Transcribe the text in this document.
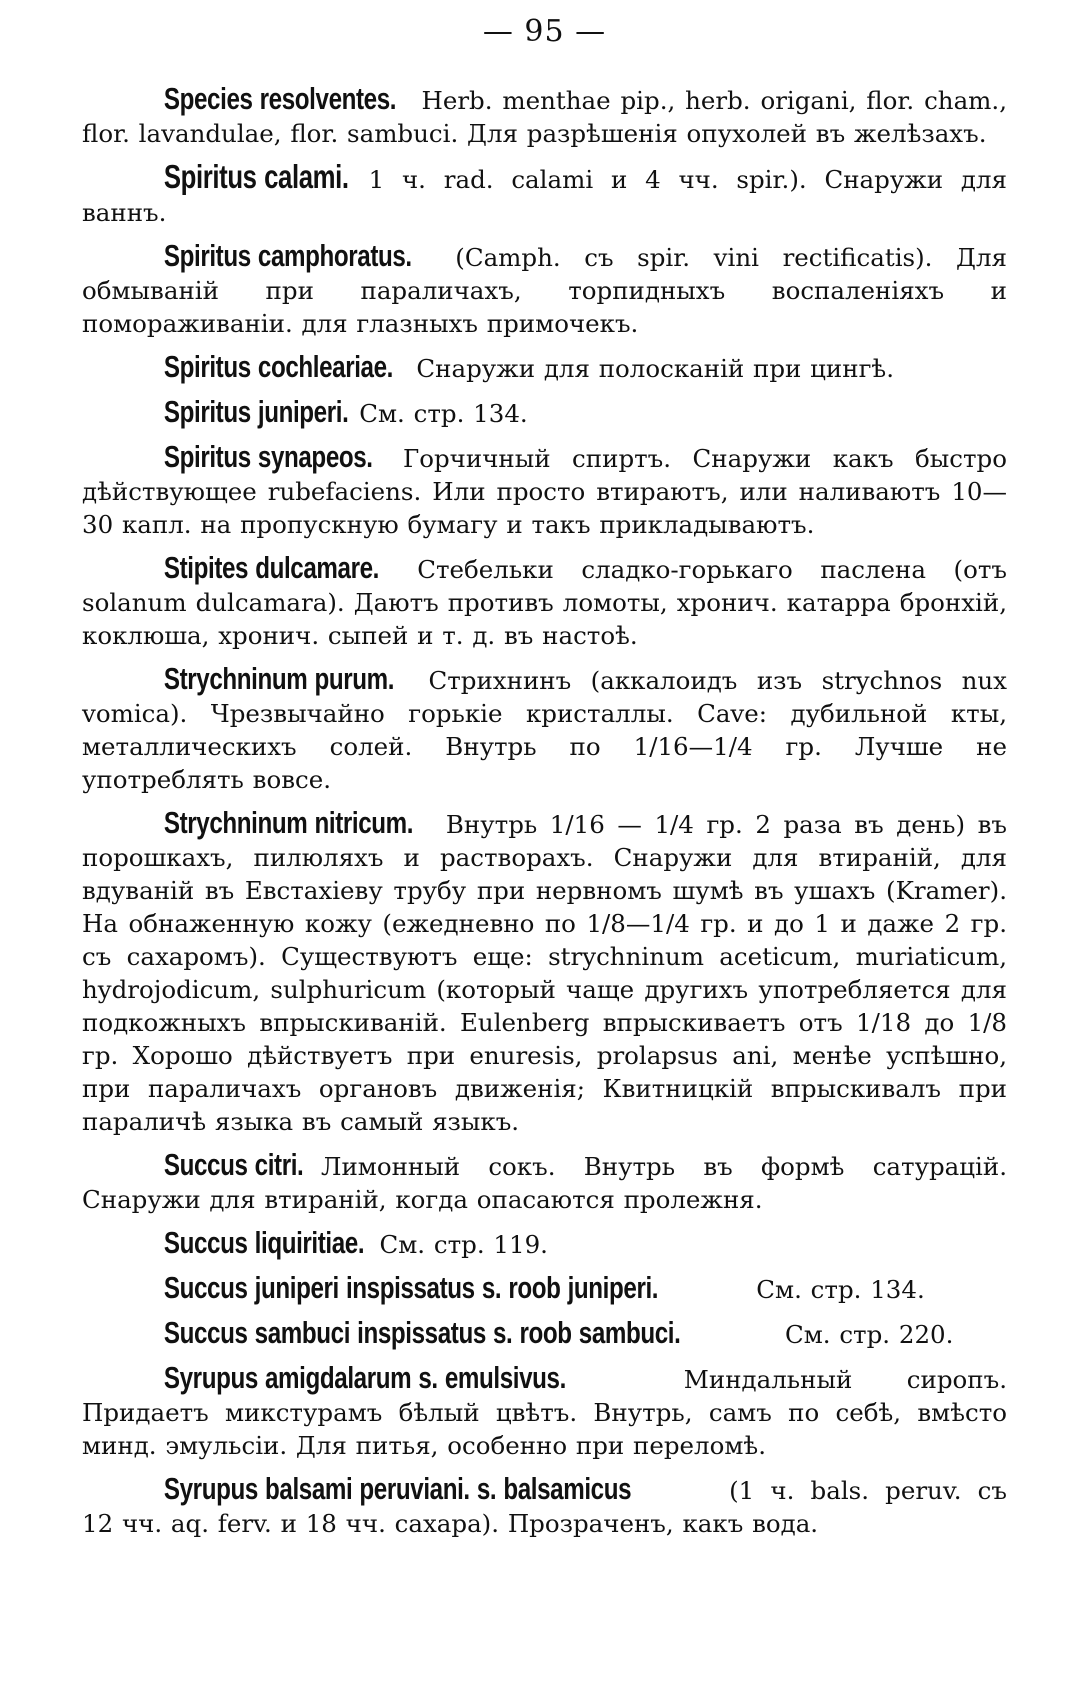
— 95 —

Species resolventes. Herb. menthae pip., herb. origani, flor. cham., flor. lavandulae, flor. sambuci. Для разрѣшенія опухолей въ желѣзахъ.

Spiritus calami. 1 ч. rad. calami и 4 чч. spir.). Снаружи для ваннъ.

Spiritus camphoratus. (Camph. съ spir. vini rectificatis). Для обмываній при параличахъ, торпидныхъ воспаленіяхъ и поморaживаніи. для глазныхъ примочекъ.

Spiritus cochleariae. Снаружи для полосканій при цингѣ.

Spiritus juniperi. См. стр. 134.

Spiritus synapeos. Горчичный спиртъ. Снаружи какъ быстро дѣйствующее rubefaciens. Или просто втираютъ, или наливаютъ 10—30 капл. на пропускную бумагу и такъ прикладываютъ.

Stipites dulcamare. Стебельки сладко-горькаго паслена (отъ solanum dulcamara). Даютъ противъ ломоты, хронич. катарра бронхій, коклюша, хронич. сыпей и т. д. въ настоѣ.

Strychninum purum. Стрихнинъ (аккалоидъ изъ strychnos nux vomica). Чрезвычайно горькіе кристаллы. Cave: дубильной кты, металлическихъ солей. Внутрь по 1/16—1/4 гр. Лучше не употреблять вовсе.

Strychninum nitricum. Внутрь 1/16 — 1/4 гр. 2 раза въ день) въ порошкахъ, пилюляхъ и растворахъ. Снаружи для втираній, для вдуваній въ Евстахіеву трубу при нервномъ шумѣ въ ушахъ (Kramer). На обнаженную кожу (ежедневно по 1/8—1/4 гр. и до 1 и даже 2 гр. съ сахаромъ). Существуютъ еще: strychninum aceticum, muriaticum, hydrojodicum, sulphuricum (который чаще другихъ употребляется для подкожныхъ впрыскиваній. Eulenberg впрыскиваетъ отъ 1/18 до 1/8 гр. Хорошо дѣйствуетъ при enuresis, prolapsus ani, менѣе успѣшно, при параличахъ органовъ движенія; Квитницкій впрыскивалъ при параличѣ языка въ самый языкъ.

Succus citri. Лимонный сокъ. Внутрь въ формѣ сатурацій. Снаружи для втираній, когда опасаются пролежня.

Succus liquiritiae. См. стр. 119.

Succus juniperi inspissatus s. roob juniperi.	См. стр. 134.

Succus sambuci inspissatus s. roob sambuci.	См. стр. 220.

Syrupus amigdalarum s. emulsivus.	Миндальный сиропъ. Придаетъ микстурамъ бѣлый цвѣтъ. Внутрь, самъ по себѣ, вмѣсто минд. эмульсіи. Для питья, особенно при переломѣ.

Syrupus balsami peruviani. s. balsamicus	(1 ч. bals. peruv. съ 12 чч. aq. ferv. и 18 чч. сахара). Прозраченъ, какъ вода.
